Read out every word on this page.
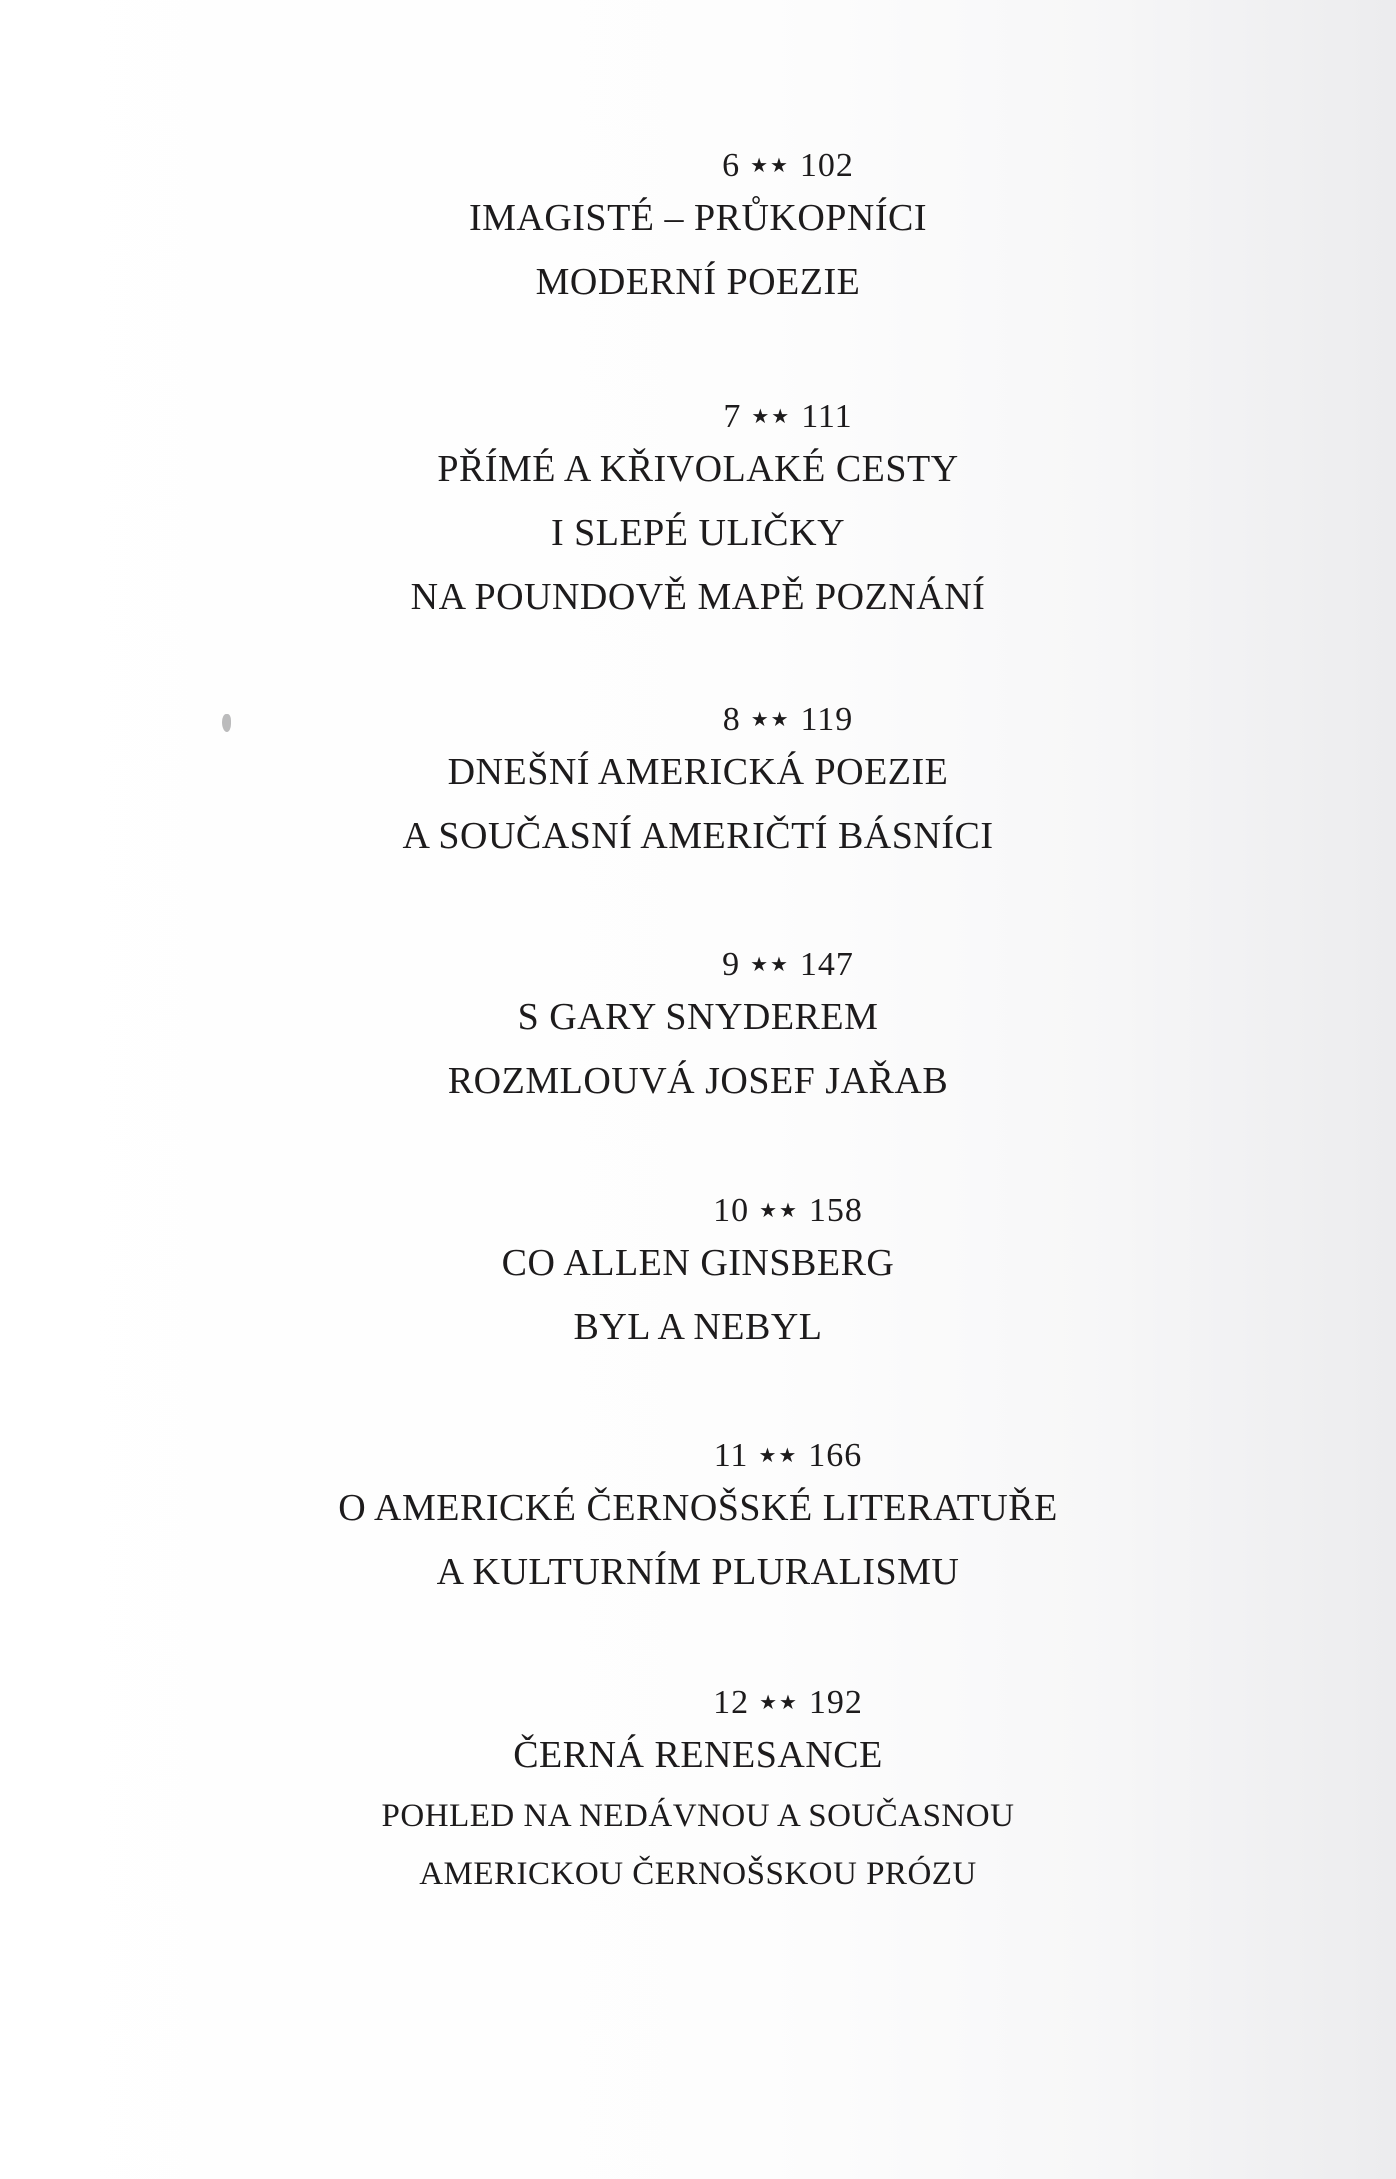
6 ★★ 102
IMAGISTÉ – PRŮKOPNÍCI
MODERNÍ POEZIE
7 ★★ 111
PŘÍMÉ A KŘIVOLAKÉ CESTY
I SLEPÉ ULIČKY
NA POUNDOVĚ MAPĚ POZNÁNÍ
8 ★★ 119
DNEŠNÍ AMERICKÁ POEZIE
A SOUČASNÍ AMERIČTÍ BÁSNÍCI
9 ★★ 147
S GARY SNYDEREM
ROZMLOUVÁ JOSEF JAŘAB
10 ★★ 158
CO ALLEN GINSBERG
BYL A NEBYL
11 ★★ 166
O AMERICKÉ ČERNOŠSKÉ LITERATUŘE
A KULTURNÍM PLURALISMU
12 ★★ 192
ČERNÁ RENESANCE
POHLED NA NEDÁVNOU A SOUČASNOU
AMERICKOU ČERNOŠSKOU PRÓZU
